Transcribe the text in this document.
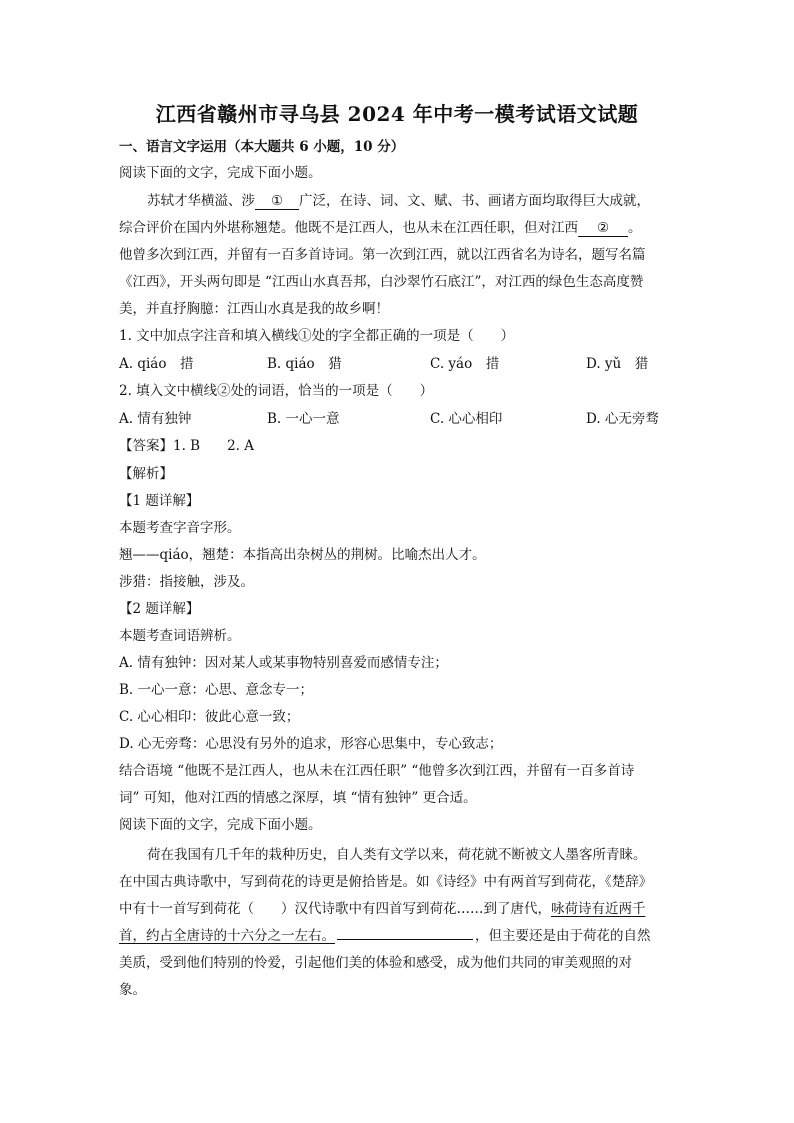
江西省赣州市寻乌县 2024 年中考一模考试语文试题
一、语言文字运用（本大题共 6 小题，10 分）
阅读下面的文字，完成下面小题。
苏轼才华横溢、涉 ① 广泛，在诗、词、文、赋、书、画诸方面均取得巨大成就，
综合评价在国内外堪称翘楚。他既不是江西人，也从未在江西任职，但对江西 ② 。
他曾多次到江西，并留有一百多首诗词。第一次到江西，就以江西省名为诗名，题写名篇
《江西》，开头两句即是 “江西山水真吾邦，白沙翠竹石底江”，对江西的绿色生态高度赞
美，并直抒胸臆：江西山水真是我的故乡啊！
1. 文中加点字注音和填入横线①处的字全都正确的一项是（　　）
A. qiáo　措	B. qiáo　猎	C. yáo　措	D. yǔ　猎
2. 填入文中横线②处的词语，恰当的一项是（　　）
A. 情有独钟	B. 一心一意	C. 心心相印	D. 心无旁骛
【答案】1. B　　2. A
【解析】
【1 题详解】
本题考查字音字形。
翘——qiáo，翘楚：本指高出杂树丛的荆树。比喻杰出人才。
涉猎：指接触，涉及。
【2 题详解】
本题考查词语辨析。
A. 情有独钟：因对某人或某事物特别喜爱而感情专注；
B. 一心一意：心思、意念专一；
C. 心心相印：彼此心意一致；
D. 心无旁骛：心思没有另外的追求，形容心思集中，专心致志；
结合语境 “他既不是江西人，也从未在江西任职” “他曾多次到江西，并留有一百多首诗
词” 可知，他对江西的情感之深厚，填 “情有独钟” 更合适。
阅读下面的文字，完成下面小题。
荷在我国有几千年的栽种历史，自人类有文学以来，荷花就不断被文人墨客所青睐。
在中国古典诗歌中，写到荷花的诗更是俯拾皆是。如《诗经》中有两首写到荷花，《楚辞》
中有十一首写到荷花（　　）汉代诗歌中有四首写到荷花……到了唐代，咏荷诗有近两千
首，约占全唐诗的十六分之一左右。	，但主要还是由于荷花的自然
美质，受到他们特别的怜爱，引起他们美的体验和感受，成为他们共同的审美观照的对
象。
